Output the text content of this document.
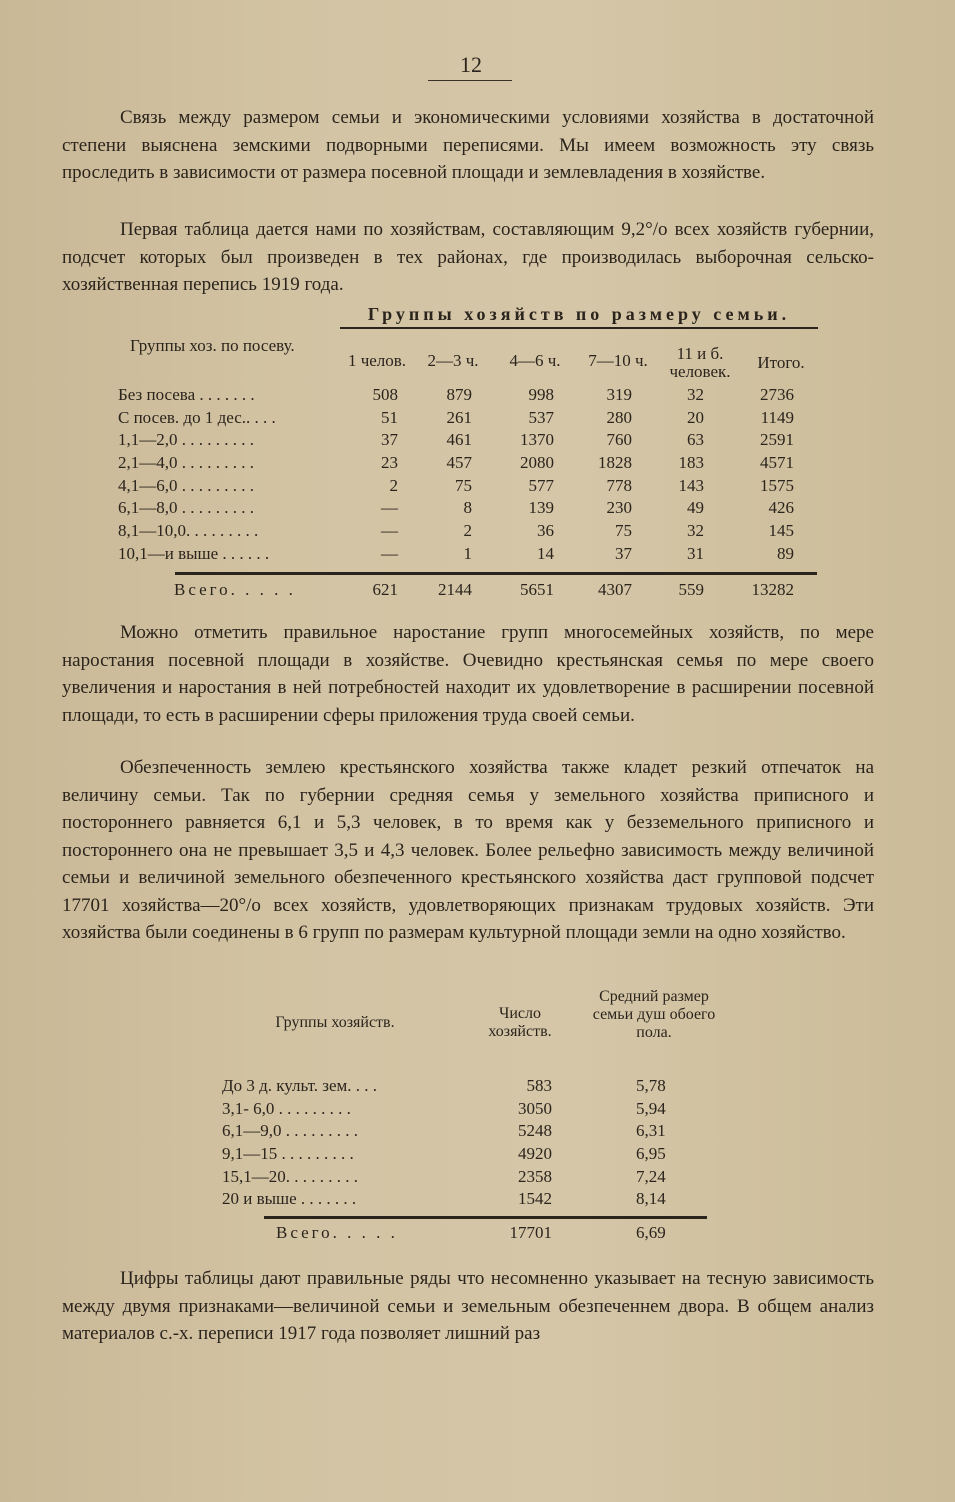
12
Связь между размером семьи и экономическими условиями хозяйства в достаточной степени выяснена земскими подворными переписями. Мы имеем возможность эту связь проследить в зависимости от размера посевной площади и землевладения в хозяйстве.
Первая таблица дается нами по хозяйствам, составляющим 9,2°/о всех хозяйств губернии, подсчет которых был произведен в тех районах, где производилась выборочная сельско-хозяйственная перепись 1919 года.
Группы хозяйств по размеру семьи.
Группы хоз. по посеву.
1 челов.	2—3 ч.	4—6 ч.	7—10 ч.	11 и б. человек.	Итого.
Без посева . . . . . . .	508	879	998	319	32	2736
С посев. до 1 дес.. . . .	51	261	537	280	20	1149
1,1—2,0 . . . . . . . . .	37	461	1370	760	63	2591
2,1—4,0 . . . . . . . . .	23	457	2080	1828	183	4571
4,1—6,0 . . . . . . . . .	2	75	577	778	143	1575
6,1—8,0 . . . . . . . . .	—	8	139	230	49	426
8,1—10,0. . . . . . . . .	—	2	36	75	32	145
10,1—и выше . . . . . .	—	1	14	37	31	89
Всего. . . . .	621	2144	5651	4307	559	13282
Можно отметить правильное наростание групп многосемейных хозяйств, по мере наростания посевной площади в хозяйстве. Очевидно крестьянская семья по мере своего увеличения и наростания в ней потребностей находит их удовлетворение в расширении посевной площади, то есть в расширении сферы приложения труда своей семьи.
Обезпеченность землею крестьянского хозяйства также кладет резкий отпечаток на величину семьи. Так по губернии средняя семья у земельного хозяйства приписного и постороннего равняется 6,1 и 5,3 человек, в то время как у безземельного приписного и постороннего она не превышает 3,5 и 4,3 человек. Более рельефно зависимость между величиной семьи и величиной земельного обезпеченного крестьянского хозяйства даст групповой подсчет 17701 хозяйства—20°/о всех хозяйств, удовлетворяющих признакам трудовых хозяйств. Эти хозяйства были соединены в 6 групп по размерам культурной площади земли на одно хозяйство.
Группы хозяйств.
Число хозяйств.
Средний размер семьи душ обоего пола.
До 3 д. культ. зем. . . .	583	5,78
3,1- 6,0 . . . . . . . . .	3050	5,94
6,1—9,0 . . . . . . . . .	5248	6,31
9,1—15 . . . . . . . . .	4920	6,95
15,1—20. . . . . . . . .	2358	7,24
20 и выше . . . . . . .	1542	8,14
Всего. . . . .	17701	6,69
Цифры таблицы дают правильные ряды что несомненно указывает на тесную зависимость между двумя признаками—величиной семьи и земельным обезпеченнем двора. В общем анализ материалов с.-х. переписи 1917 года позволяет лишний раз
